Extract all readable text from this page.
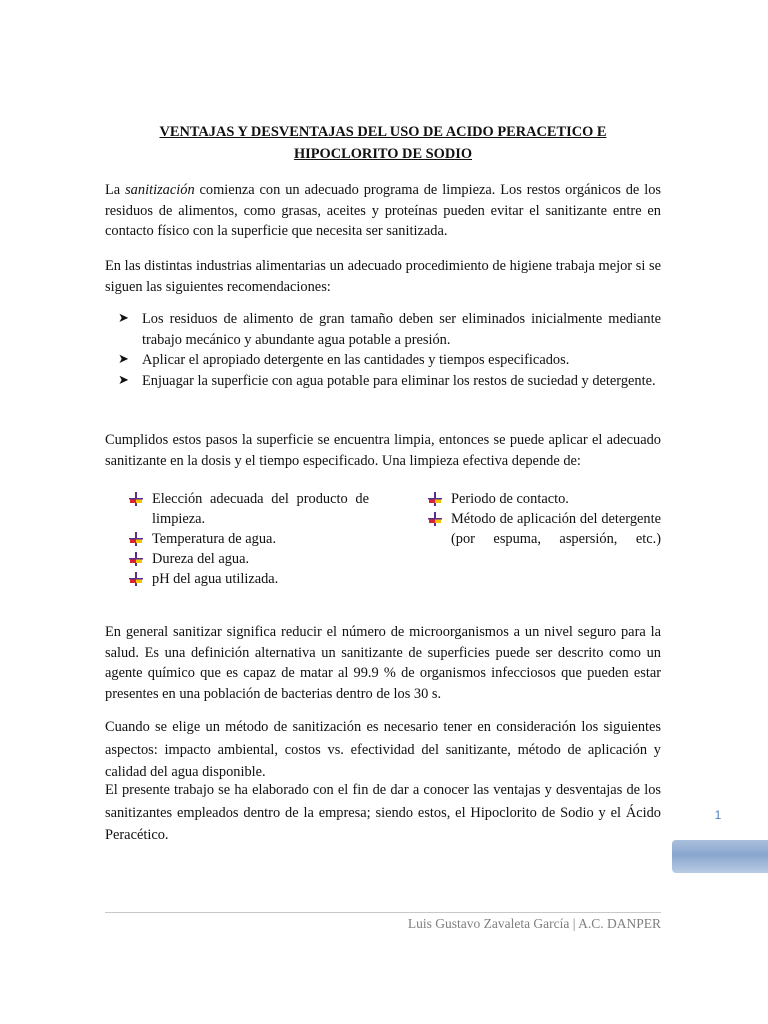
VENTAJAS Y DESVENTAJAS DEL USO DE ACIDO PERACETICO E
HIPOCLORITO DE SODIO

La sanitización comienza con un adecuado programa de limpieza. Los restos orgánicos de los residuos de alimentos, como grasas, aceites y proteínas pueden evitar el sanitizante entre en contacto físico con la superficie que necesita ser sanitizada.

En las distintas industrias alimentarias un adecuado procedimiento de higiene trabaja mejor si se siguen las siguientes recomendaciones:

➤ Los residuos de alimento de gran tamaño deben ser eliminados inicialmente mediante trabajo mecánico y abundante agua potable a presión.
➤ Aplicar el apropiado detergente en las cantidades y tiempos especificados.
➤ Enjuagar la superficie con agua potable para eliminar los restos de suciedad y detergente.

Cumplidos estos pasos la superficie se encuentra limpia, entonces se puede aplicar el adecuado sanitizante en la dosis y el tiempo especificado. Una limpieza efectiva depende de:

Elección adecuada del producto de limpieza.
Temperatura de agua.
Dureza del agua.
pH del agua utilizada.
Periodo de contacto.
Método de aplicación del detergente (por espuma, aspersión, etc.)

En general sanitizar significa reducir el número de microorganismos a un nivel seguro para la salud. Es una definición alternativa un sanitizante de superficies puede ser descrito como un agente químico que es capaz de matar al 99.9 % de organismos infecciosos que pueden estar presentes en una población de bacterias dentro de los 30 s.

Cuando se elige un método de sanitización es necesario tener en consideración los siguientes aspectos: impacto ambiental, costos vs. efectividad del sanitizante, método de aplicación y calidad del agua disponible.

El presente trabajo se ha elaborado con el fin de dar a conocer las ventajas y desventajas de los sanitizantes empleados dentro de la empresa; siendo estos, el Hipoclorito de Sodio y el Ácido Peracético.

1
Luis Gustavo Zavaleta García | A.C. DANPER
